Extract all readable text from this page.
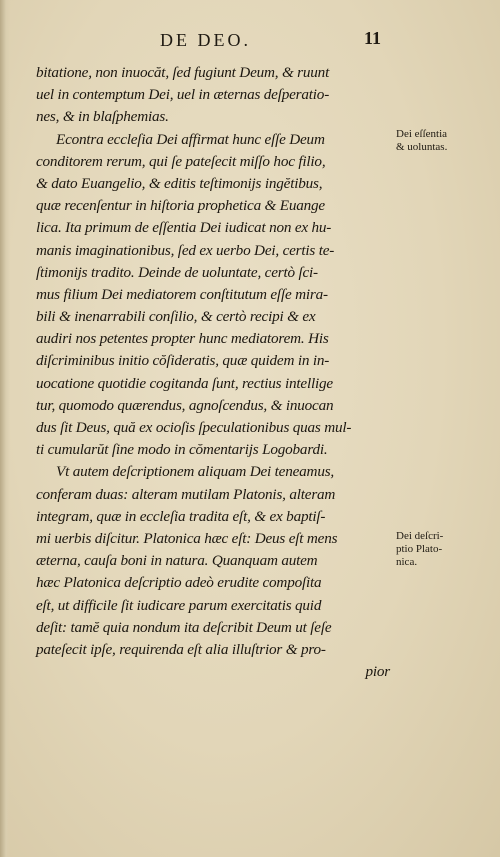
DE DEO.	11
bitatione, non inuocăt, ſed fugiunt Deum, & ruunt
uel in contemptum Dei, uel in æternas deſperatio-
nes, & in blaſphemias.
Econtra eccleſia Dei affirmat hunc eſſe Deum
conditorem rerum, qui ſe pateſecit miſſo hoc filio,
& dato Euangelio, & editis teſtimonijs ingĕtibus,
quæ recenſentur in hiſtoria prophetica & Euange
lica. Ita primum de eſſentia Dei iudicat non ex hu-
manis imaginationibus, ſed ex uerbo Dei, certis te-
ſtimonijs tradito. Deinde de uoluntate, certò ſci-
mus filium Dei mediatorem conſtitutum eſſe mira-
bili & inenarrabili conſilio, & certò recipi & ex
audiri nos petentes propter hunc mediatorem. His
diſcriminibus initio cŏſideratis, quæ quidem in in-
uocatione quotidie cogitanda ſunt, rectius intellige
tur, quomodo quærendus, agnoſcendus, & inuocan
dus ſit Deus, quă ex ocioſis ſpeculationibus quas mul-
ti cumularŭt ſine modo in cŏmentarijs Logobardi.
Vt autem deſcriptionem aliquam Dei teneamus,
conferam duas: alteram mutilam Platonis, alteram
integram, quæ in eccleſia tradita eſt, & ex baptiſ-
mi uerbis diſcitur. Platonica hæc eſt: Deus eſt mens
æterna, cauſa boni in natura. Quanquam autem
hæc Platonica deſcriptio adeò erudite compoſita
eſt, ut difficile ſit iudicare parum exercitatis quid
deſit: tamĕ quia nondum ita deſcribit Deum ut ſeſe
pateſecit ipſe, requirenda eſt alia illuſtrior & pro-
pior
Dei eſſentia
& uoluntas.
Dei deſcri-
ptio Plato-
nica.
